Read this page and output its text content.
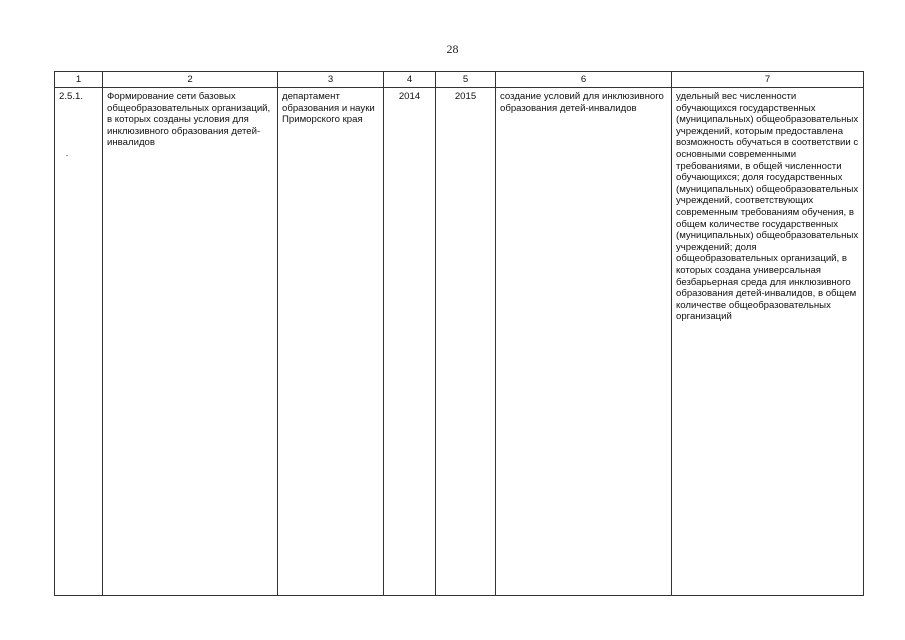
28
1	2	3	4	5	6	7
2.5.1.	Формирование сети базовых общеобразовательных организаций, в которых созданы условия для инклюзивного образования детей-инвалидов	департамент образования и науки Приморского края	2014	2015	создание условий для инклюзивного образования детей-инвалидов	удельный вес численности обучающихся государственных (муниципальных) общеобразовательных учреждений, которым предоставлена возможность обучаться в соответствии с основными современными требованиями, в общей численности обучающихся; доля государственных (муниципальных) общеобразовательных учреждений, соответствующих современным требованиям обучения, в общем количестве государственных (муниципальных) общеобразовательных учреждений; доля общеобразовательных организаций, в которых создана универсальная безбарьерная среда для инклюзивного образования детей-инвалидов, в общем количестве общеобразовательных организаций
